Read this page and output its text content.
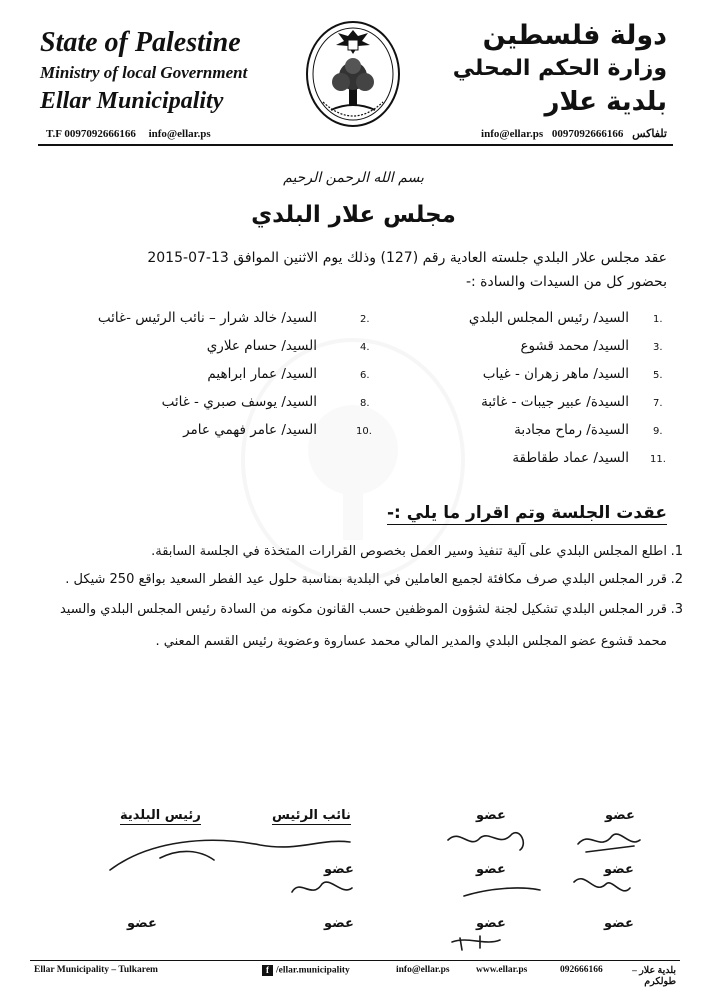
State of Palestine
Ministry of local Government
Ellar Municipality
دولة فلسطين
وزارة الحكم المحلي
بلدية علار
T.F 0097092666166 info@ellar.ps	تلفاكس 0097092666166 info@ellar.ps
بسم الله الرحمن الرحيم
مجلس علار البلدي
عقد مجلس علار البلدي جلسته العادية رقم (127) وذلك يوم الاثنين الموافق 13-07-2015
بحضور كل من السيدات والسادة :-
1.
السيد/ رئيس المجلس البلدي
2.
السيد/ خالد شرار – نائب الرئيس -غائب
3.
السيد/ محمد قشوع
4.
السيد/ حسام علاري
5.
السيد/ ماهر زهران - غياب
6.
السيد/ عمار ابراهيم
7.
السيدة/ عبير جيبات - غائبة
8.
السيد/ يوسف صبري - غائب
9.
السيدة/ رماح مجادبة
10.
السيد/ عامر فهمي عامر
11.
السيد/ عماد طقاطقة
عقدت الجلسة وتم اقرار ما يلي :-
1.
اطلع المجلس البلدي على آلية تنفيذ وسير العمل بخصوص القرارات المتخذة في الجلسة السابقة.
2.
قرر المجلس البلدي صرف مكافئة لجميع العاملين في البلدية بمناسبة حلول عيد الفطر السعيد بواقع 250 شيكل .
3.
قرر المجلس البلدي تشكيل لجنة لشؤون الموظفين حسب القانون مكونه من السادة رئيس المجلس البلدي والسيد محمد قشوع عضو المجلس البلدي والمدير المالي محمد عساروة وعضوية رئيس القسم المعني .
رئيس البلدية	نائب الرئيس	عضو	عضو
عضو	عضو	عضو
عضو	عضو	عضو	عضو
Ellar Municipality – Tulkarem	f /ellar.municipality	info@ellar.ps	www.ellar.ps	092666166	بلدية علار – طولكرم
